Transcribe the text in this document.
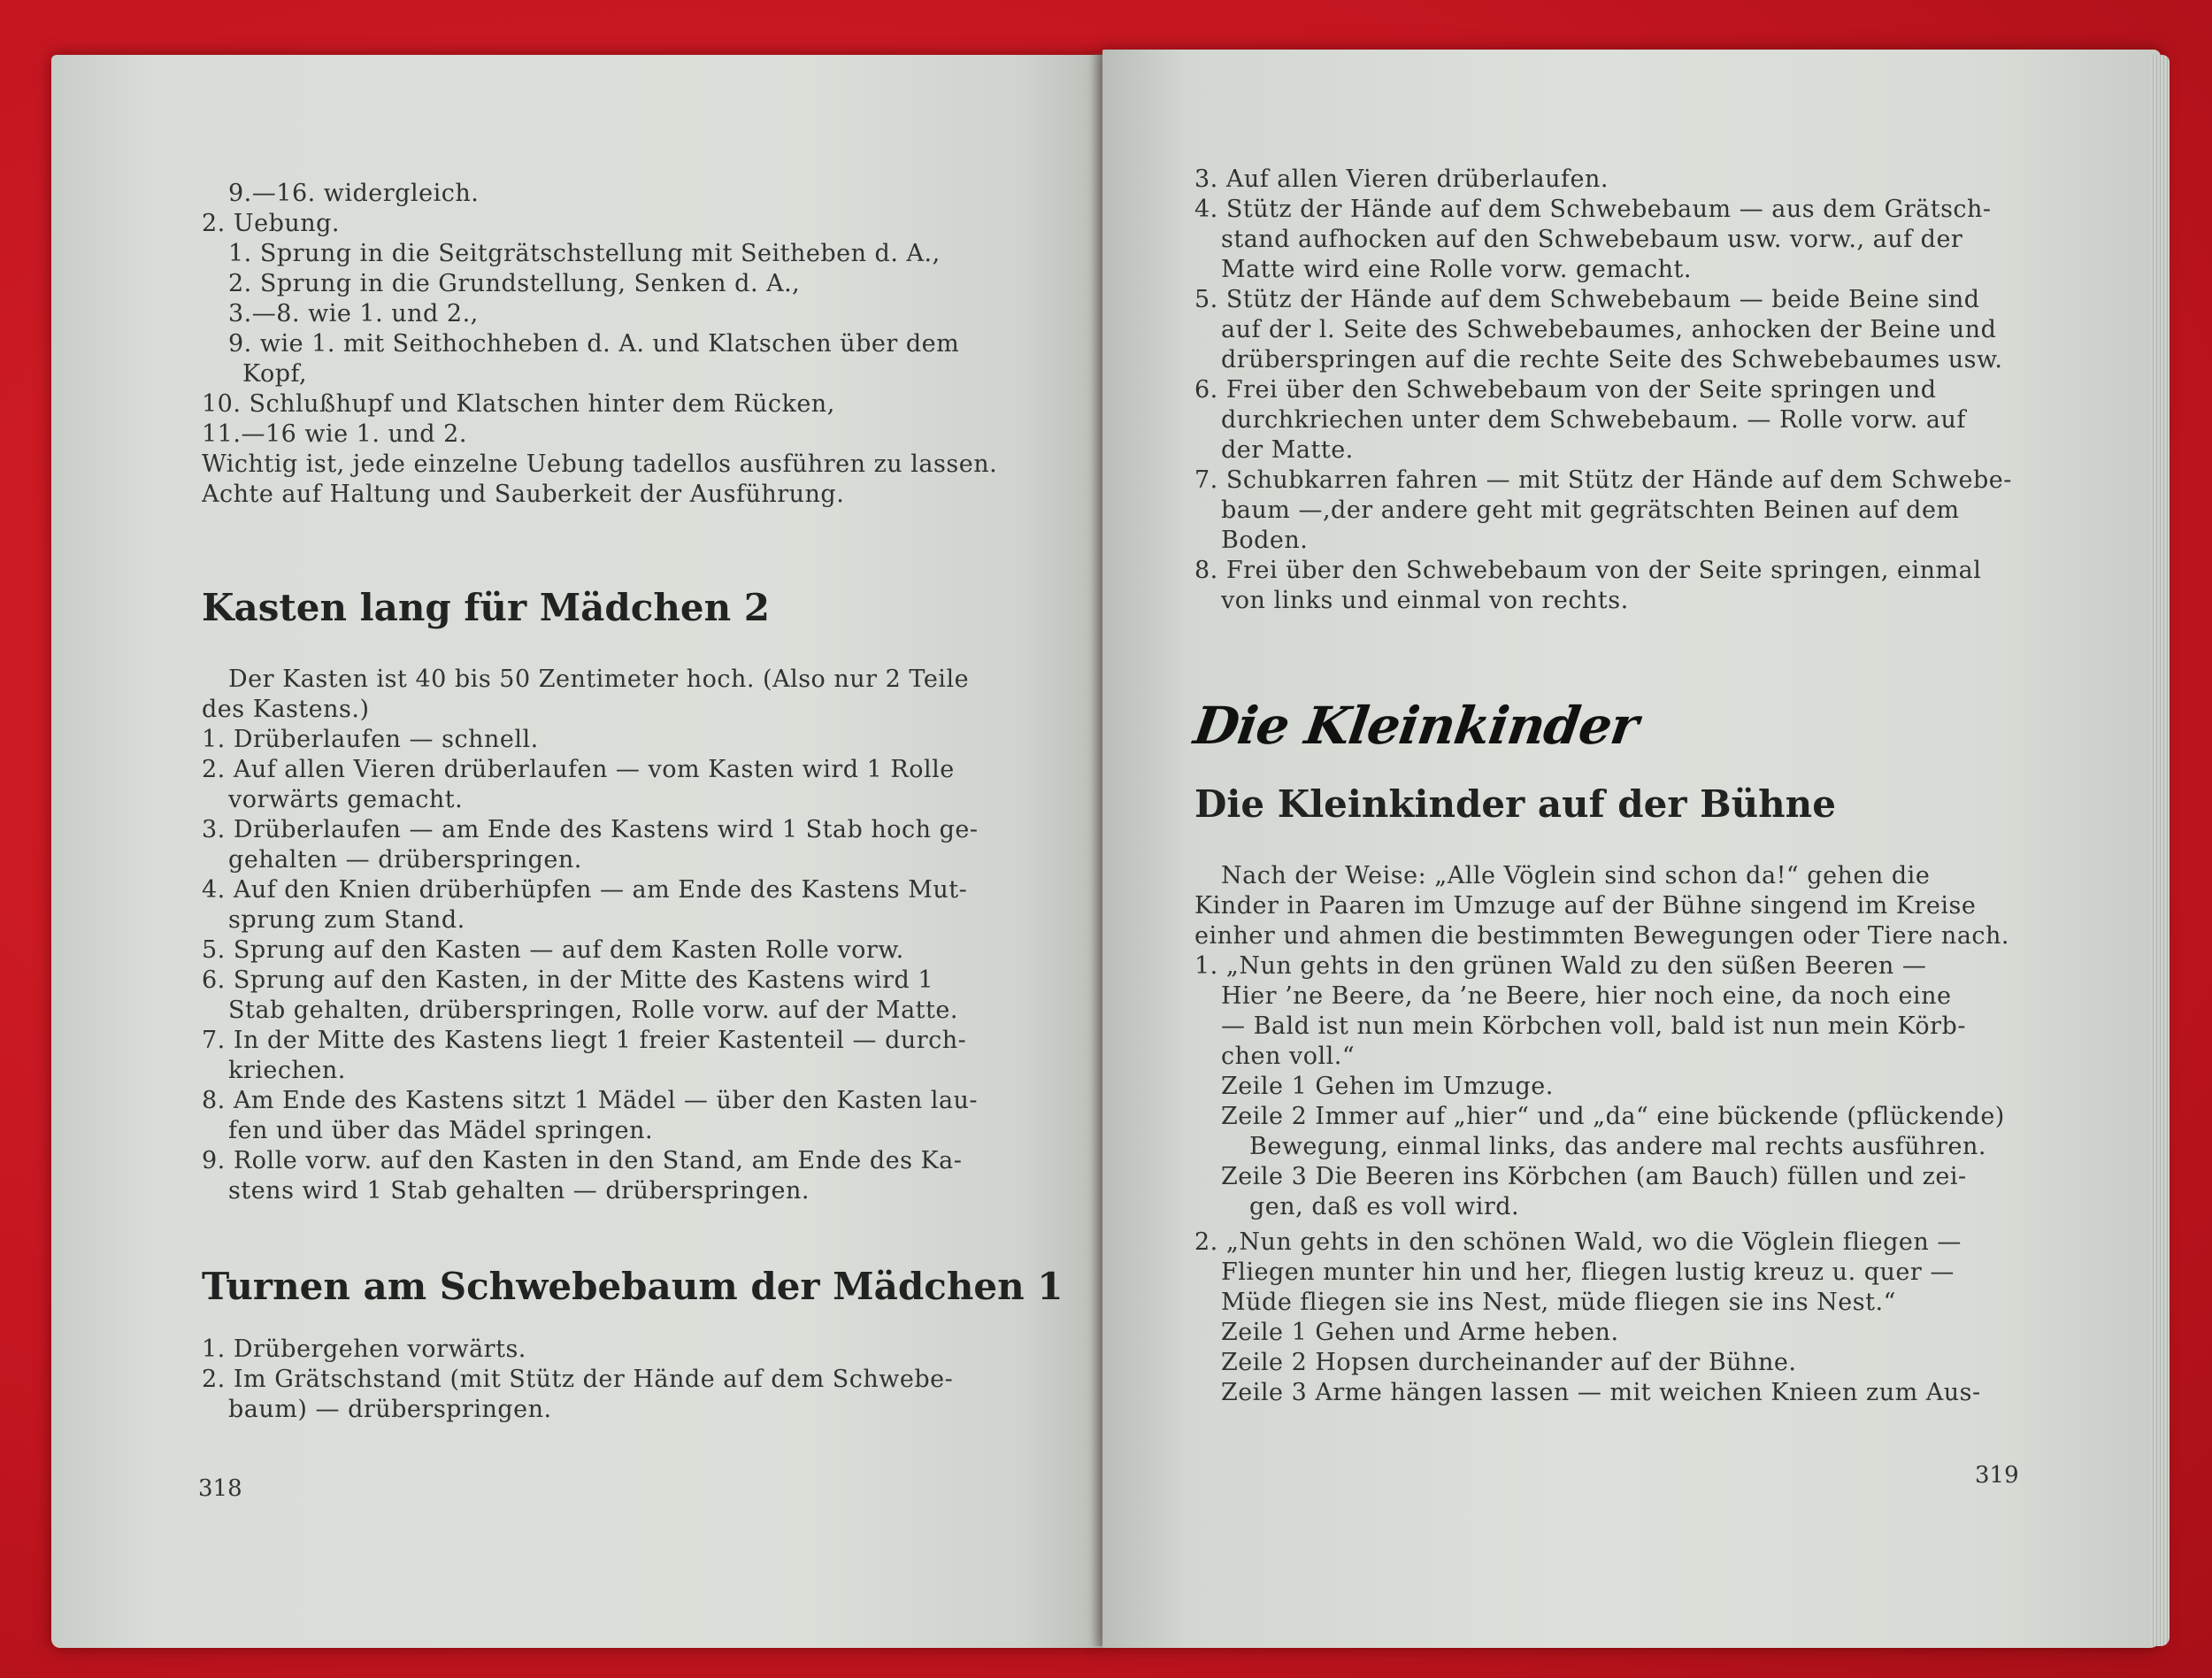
9.—16. widergleich.
2. Uebung.
1. Sprung in die Seitgrätschstellung mit Seitheben d. A.,
2. Sprung in die Grundstellung, Senken d. A.,
3.—8. wie 1. und 2.,
9. wie 1. mit Seithochheben d. A. und Klatschen über dem
Kopf,
10. Schlußhupf und Klatschen hinter dem Rücken,
11.—16 wie 1. und 2.
Wichtig ist, jede einzelne Uebung tadellos ausführen zu lassen.
Achte auf Haltung und Sauberkeit der Ausführung.
Kasten lang für Mädchen 2
Der Kasten ist 40 bis 50 Zentimeter hoch. (Also nur 2 Teile
des Kastens.)
1. Drüberlaufen — schnell.
2. Auf allen Vieren drüberlaufen — vom Kasten wird 1 Rolle
vorwärts gemacht.
3. Drüberlaufen — am Ende des Kastens wird 1 Stab hoch ge-
gehalten — drüberspringen.
4. Auf den Knien drüberhüpfen — am Ende des Kastens Mut-
sprung zum Stand.
5. Sprung auf den Kasten — auf dem Kasten Rolle vorw.
6. Sprung auf den Kasten, in der Mitte des Kastens wird 1
Stab gehalten, drüberspringen, Rolle vorw. auf der Matte.
7. In der Mitte des Kastens liegt 1 freier Kastenteil — durch-
kriechen.
8. Am Ende des Kastens sitzt 1 Mädel — über den Kasten lau-
fen und über das Mädel springen.
9. Rolle vorw. auf den Kasten in den Stand, am Ende des Ka-
stens wird 1 Stab gehalten — drüberspringen.
Turnen am Schwebebaum der Mädchen 1
1. Drübergehen vorwärts.
2. Im Grätschstand (mit Stütz der Hände auf dem Schwebe-
baum) — drüberspringen.
318
3. Auf allen Vieren drüberlaufen.
4. Stütz der Hände auf dem Schwebebaum — aus dem Grätsch-
stand aufhocken auf den Schwebebaum usw. vorw., auf der
Matte wird eine Rolle vorw. gemacht.
5. Stütz der Hände auf dem Schwebebaum — beide Beine sind
auf der l. Seite des Schwebebaumes, anhocken der Beine und
drüberspringen auf die rechte Seite des Schwebebaumes usw.
6. Frei über den Schwebebaum von der Seite springen und
durchkriechen unter dem Schwebebaum. — Rolle vorw. auf
der Matte.
7. Schubkarren fahren — mit Stütz der Hände auf dem Schwebe-
baum —,der andere geht mit gegrätschten Beinen auf dem
Boden.
8. Frei über den Schwebebaum von der Seite springen, einmal
von links und einmal von rechts.
Die Kleinkinder
Die Kleinkinder auf der Bühne
Nach der Weise: „Alle Vöglein sind schon da!“ gehen die
Kinder in Paaren im Umzuge auf der Bühne singend im Kreise
einher und ahmen die bestimmten Bewegungen oder Tiere nach.
1. „Nun gehts in den grünen Wald zu den süßen Beeren —
Hier ’ne Beere, da ’ne Beere, hier noch eine, da noch eine
— Bald ist nun mein Körbchen voll, bald ist nun mein Körb-
chen voll.“
Zeile 1 Gehen im Umzuge.
Zeile 2 Immer auf „hier“ und „da“ eine bückende (pflückende)
Bewegung, einmal links, das andere mal rechts ausführen.
Zeile 3 Die Beeren ins Körbchen (am Bauch) füllen und zei-
gen, daß es voll wird.
2. „Nun gehts in den schönen Wald, wo die Vöglein fliegen —
Fliegen munter hin und her, fliegen lustig kreuz u. quer —
Müde fliegen sie ins Nest, müde fliegen sie ins Nest.“
Zeile 1 Gehen und Arme heben.
Zeile 2 Hopsen durcheinander auf der Bühne.
Zeile 3 Arme hängen lassen — mit weichen Knieen zum Aus-
319
